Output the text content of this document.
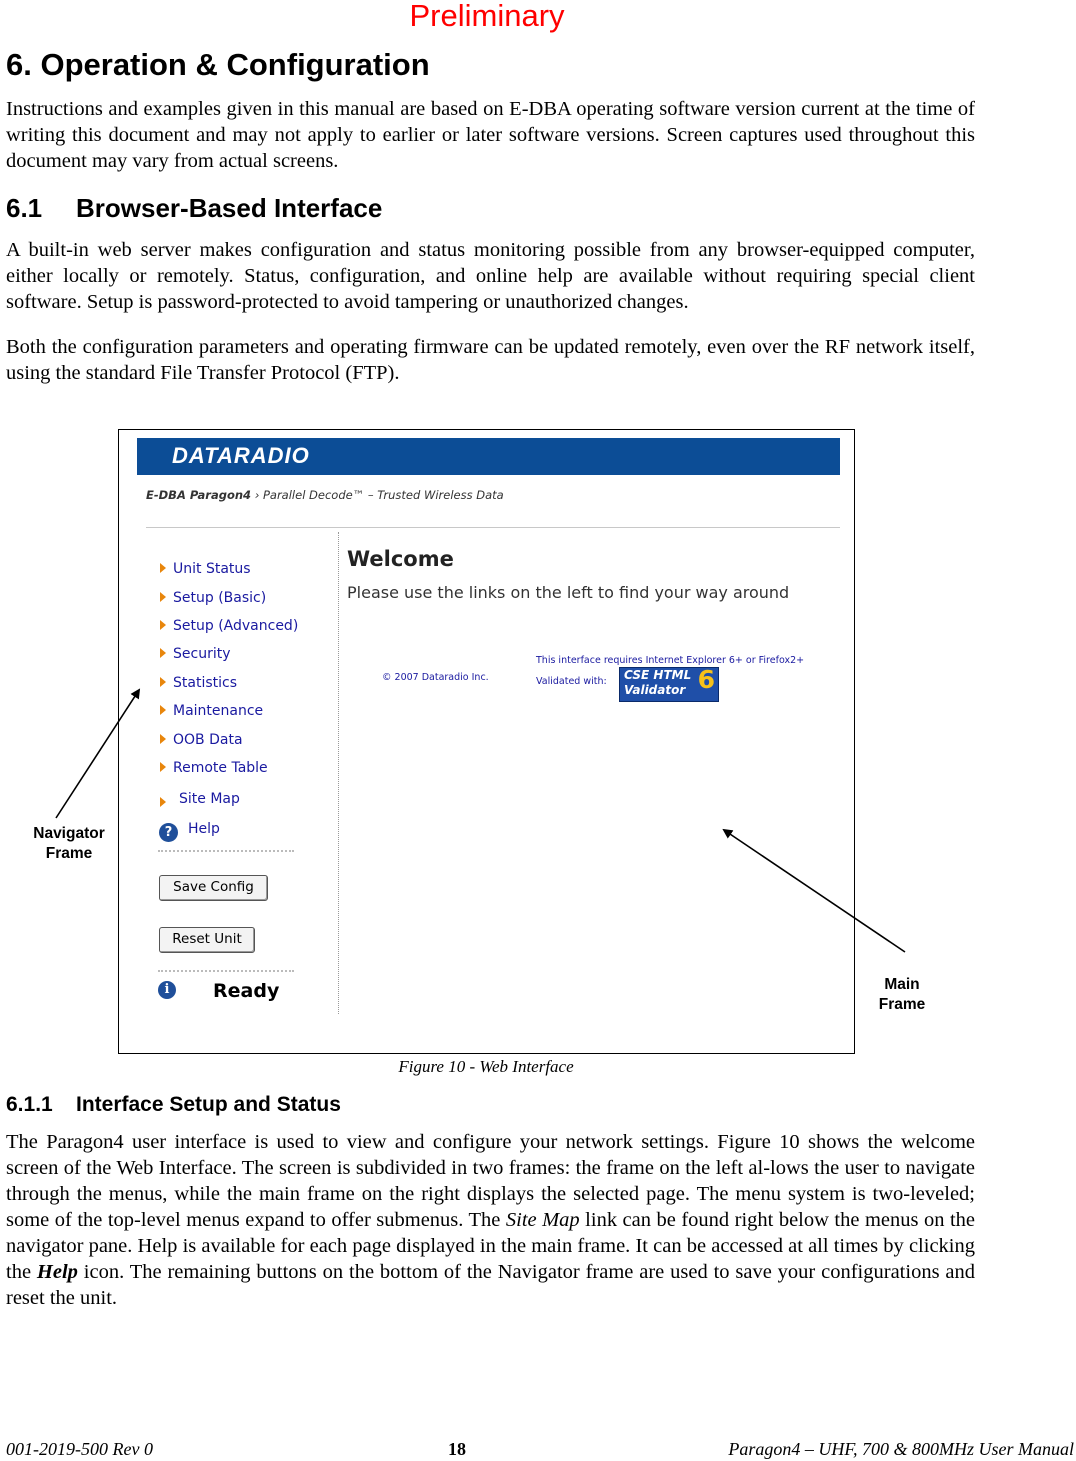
Preliminary
6. Operation & Configuration
Instructions and examples given in this manual are based on E-DBA operating software version current at the time of writing this document and may not apply to earlier or later software versions. Screen captures used throughout this document may vary from actual screens.
6.1 Browser-Based Interface
A built-in web server makes configuration and status monitoring possible from any browser-equipped computer, either locally or remotely. Status, configuration, and online help are available without requiring special client software. Setup is password-protected to avoid tampering or unauthorized changes.
Both the configuration parameters and operating firmware can be updated remotely, even over the RF network itself, using the standard File Transfer Protocol (FTP).
DATARADIO
E-DBA Paragon4 › Parallel Decode™ – Trusted Wireless Data
Unit Status
Setup (Basic)
Setup (Advanced)
Security
Statistics
Maintenance
OOB Data
Remote Table
Site Map
?	Help
Save Config
Reset Unit
i	Ready
Welcome
Please use the links on the left to find your way around
© 2007 Dataradio Inc.
This interface requires Internet Explorer 6+ or Firefox2+
Validated with: CSE HTML
Validator 6
Navigator
Frame
Main
Frame
Figure 10 - Web Interface
6.1.1 Interface Setup and Status
The Paragon4 user interface is used to view and configure your network settings. Figure 10 shows the welcome screen of the Web Interface. The screen is subdivided in two frames: the frame on the left al-lows the user to navigate through the menus, while the main frame on the right displays the selected page. The menu system is two-leveled; some of the top-level menus expand to offer submenus. The Site Map link can be found right below the menus on the navigator pane. Help is available for each page displayed in the main frame. It can be accessed at all times by clicking the Help icon. The remaining buttons on the bottom of the Navigator frame are used to save your configurations and reset the unit.
001-2019-500 Rev 0	18	Paragon4 – UHF, 700 & 800MHz User Manual
